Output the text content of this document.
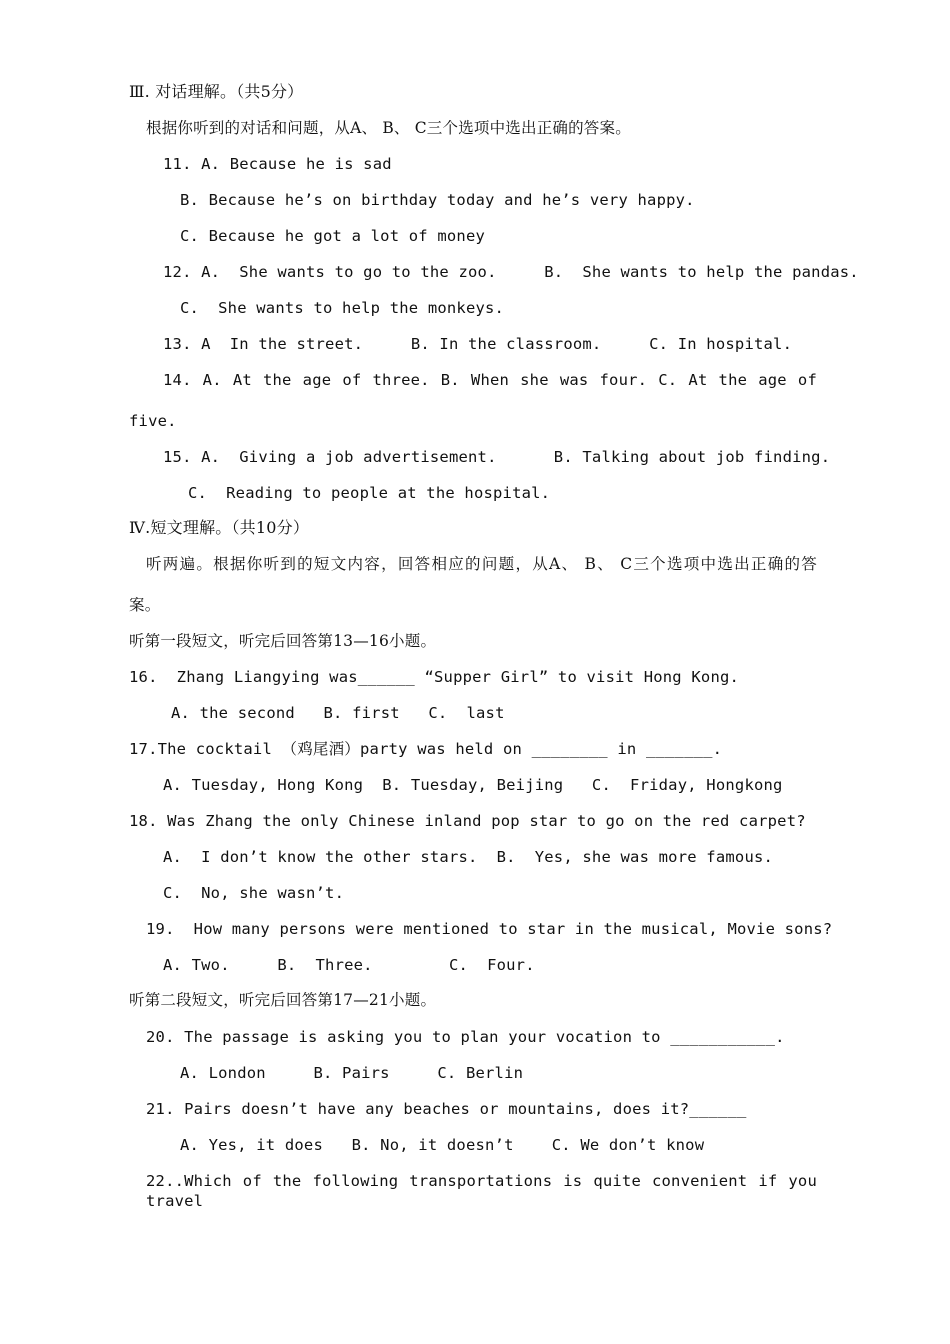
Ⅲ. 对话理解。（共5分）
根据你听到的对话和问题，从A、 B、 C三个选项中选出正确的答案。
11. A. Because he is sad
B. Because he’s on birthday today and he’s very happy.
C. Because he got a lot of money
12. A.  She wants to go to the zoo.     B.  She wants to help the pandas.
C.  She wants to help the monkeys.
13. A  In the street.     B. In the classroom.     C. In hospital.
14. A. At the age of three. B. When she was four. C. At the age of
five.
15. A.  Giving a job advertisement.      B. Talking about job finding.
C.  Reading to people at the hospital.
Ⅳ.短文理解。（共10分）
听两遍。根据你听到的短文内容，回答相应的问题，从A、 B、 C三个选项中选出正确的答
案。
听第一段短文，听完后回答第13—16小题。
16.  Zhang Liangying was______ “Supper Girl” to visit Hong Kong.
A. the second   B. first   C.  last
17.The cocktail （鸡尾酒）party was held on ________ in _______.
A. Tuesday, Hong Kong  B. Tuesday, Beijing   C.  Friday, Hongkong
18. Was Zhang the only Chinese inland pop star to go on the red carpet?
A.  I don’t know the other stars.  B.  Yes, she was more famous.
C.  No, she wasn’t.
19.  How many persons were mentioned to star in the musical, Movie sons?
A. Two.     B.  Three.        C.  Four.
听第二段短文，听完后回答第17—21小题。
20. The passage is asking you to plan your vocation to ___________.
A. London     B. Pairs     C. Berlin
21. Pairs doesn’t have any beaches or mountains, does it?______
A. Yes, it does   B. No, it doesn’t    C. We don’t know
22..Which of the following transportations is quite convenient if you travel
